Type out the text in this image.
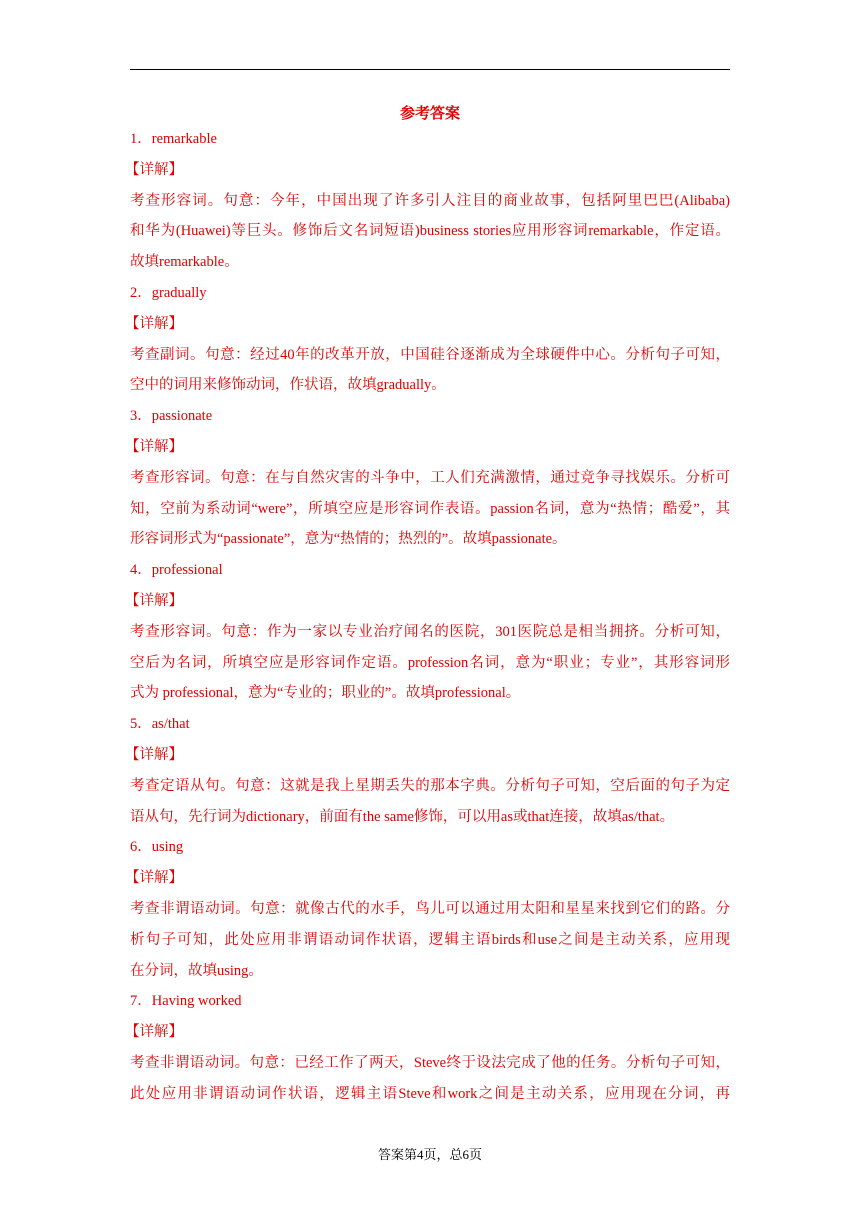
参考答案
1．remarkable
【详解】
考查形容词。句意：今年，中国出现了许多引人注目的商业故事，包括阿里巴巴(Alibaba)
和华为(Huawei)等巨头。修饰后文名词短语)business stories应用形容词remarkable，作定语。
故填remarkable。
2．gradually
【详解】
考查副词。句意：经过40年的改革开放，中国硅谷逐渐成为全球硬件中心。分析句子可知，
空中的词用来修饰动词，作状语，故填gradually。
3．passionate
【详解】
考查形容词。句意：在与自然灾害的斗争中，工人们充满激情，通过竞争寻找娱乐。分析可
知，空前为系动词“were”，所填空应是形容词作表语。passion名词，意为“热情；酷爱”，其
形容词形式为“passionate”，意为“热情的；热烈的”。故填passionate。
4．professional
【详解】
考查形容词。句意：作为一家以专业治疗闻名的医院，301医院总是相当拥挤。分析可知，
空后为名词，所填空应是形容词作定语。profession名词，意为“职业；专业”，其形容词形
式为 professional，意为“专业的；职业的”。故填professional。
5．as/that
【详解】
考查定语从句。句意：这就是我上星期丢失的那本字典。分析句子可知，空后面的句子为定
语从句，先行词为dictionary，前面有the same修饰，可以用as或that连接，故填as/that。
6．using
【详解】
考查非谓语动词。句意：就像古代的水手，鸟儿可以通过用太阳和星星来找到它们的路。分
析句子可知，此处应用非谓语动词作状语，逻辑主语birds和use之间是主动关系，应用现
在分词，故填using。
7．Having worked
【详解】
考查非谓语动词。句意：已经工作了两天，Steve终于设法完成了他的任务。分析句子可知，
此处应用非谓语动词作状语，逻辑主语Steve和work之间是主动关系，应用现在分词，再
答案第4页，总6页
